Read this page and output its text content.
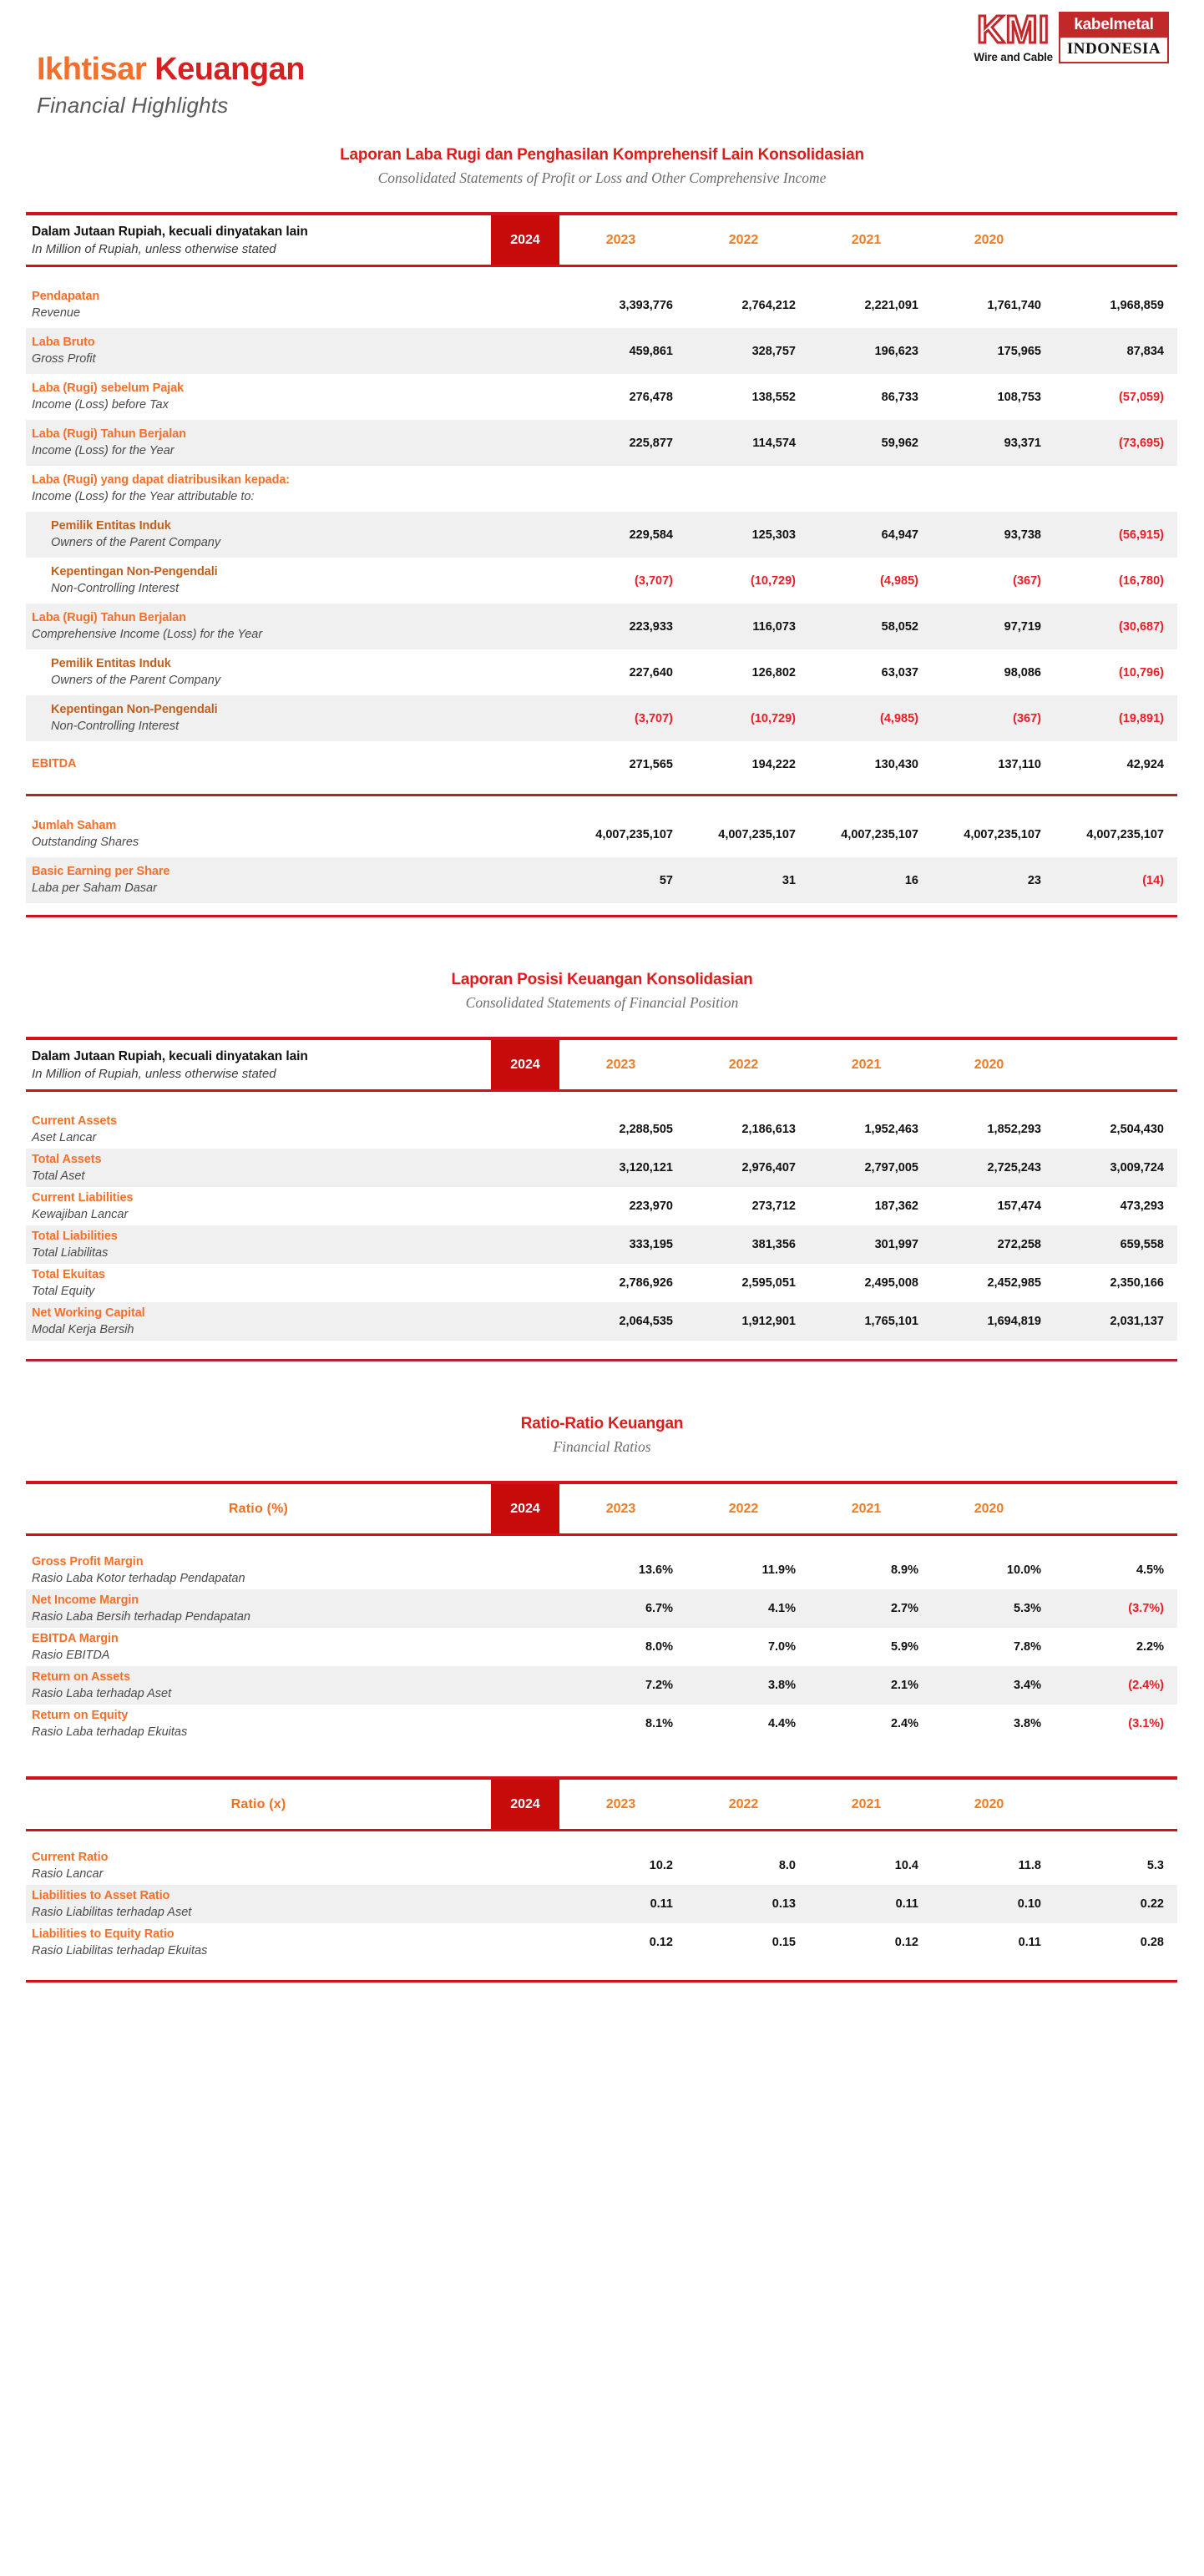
Ikhtisar Keuangan
Financial Highlights
KMI
Wire and Cable
kabelmetal
INDONESIA
Laporan Laba Rugi dan Penghasilan Komprehensif Lain Konsolidasian
Consolidated Statements of Profit or Loss and Other Comprehensive Income
Dalam Jutaan Rupiah, kecuali dinyatakan lain
In Million of Rupiah, unless otherwise stated
2024	2023	2022	2021	2020
Pendapatan
Revenue
3,393,776	2,764,212	2,221,091	1,761,740	1,968,859
Laba Bruto
Gross Profit
459,861	328,757	196,623	175,965	87,834
Laba (Rugi) sebelum Pajak
Income (Loss) before Tax
276,478	138,552	86,733	108,753	(57,059)
Laba (Rugi) Tahun Berjalan
Income (Loss) for the Year
225,877	114,574	59,962	93,371	(73,695)
Laba (Rugi) yang dapat diatribusikan kepada:
Income (Loss) for the Year attributable to:
Pemilik Entitas Induk
Owners of the Parent Company
229,584	125,303	64,947	93,738	(56,915)
Kepentingan Non-Pengendali
Non-Controlling Interest
(3,707)	(10,729)	(4,985)	(367)	(16,780)
Laba (Rugi) Tahun Berjalan
Comprehensive Income (Loss) for the Year
223,933	116,073	58,052	97,719	(30,687)
Pemilik Entitas Induk
Owners of the Parent Company
227,640	126,802	63,037	98,086	(10,796)
Kepentingan Non-Pengendali
Non-Controlling Interest
(3,707)	(10,729)	(4,985)	(367)	(19,891)
EBITDA	271,565	194,222	130,430	137,110	42,924
Jumlah Saham
Outstanding Shares
4,007,235,107	4,007,235,107	4,007,235,107	4,007,235,107	4,007,235,107
Basic Earning per Share
Laba per Saham Dasar
57	31	16	23	(14)
Laporan Posisi Keuangan Konsolidasian
Consolidated Statements of Financial Position
Dalam Jutaan Rupiah, kecuali dinyatakan lain
In Million of Rupiah, unless otherwise stated
2024	2023	2022	2021	2020
Current Assets
Aset Lancar
2,288,505	2,186,613	1,952,463	1,852,293	2,504,430
Total Assets
Total Aset
3,120,121	2,976,407	2,797,005	2,725,243	3,009,724
Current Liabilities
Kewajiban Lancar
223,970	273,712	187,362	157,474	473,293
Total Liabilities
Total Liabilitas
333,195	381,356	301,997	272,258	659,558
Total Ekuitas
Total Equity
2,786,926	2,595,051	2,495,008	2,452,985	2,350,166
Net Working Capital
Modal Kerja Bersih
2,064,535	1,912,901	1,765,101	1,694,819	2,031,137
Ratio-Ratio Keuangan
Financial Ratios
Ratio (%)	2024	2023	2022	2021	2020
Gross Profit Margin
Rasio Laba Kotor terhadap Pendapatan
13.6%	11.9%	8.9%	10.0%	4.5%
Net Income Margin
Rasio Laba Bersih terhadap Pendapatan
6.7%	4.1%	2.7%	5.3%	(3.7%)
EBITDA Margin
Rasio EBITDA
8.0%	7.0%	5.9%	7.8%	2.2%
Return on Assets
Rasio Laba terhadap Aset
7.2%	3.8%	2.1%	3.4%	(2.4%)
Return on Equity
Rasio Laba terhadap Ekuitas
8.1%	4.4%	2.4%	3.8%	(3.1%)
Ratio (x)	2024	2023	2022	2021	2020
Current Ratio
Rasio Lancar
10.2	8.0	10.4	11.8	5.3
Liabilities to Asset Ratio
Rasio Liabilitas terhadap Aset
0.11	0.13	0.11	0.10	0.22
Liabilities to Equity Ratio
Rasio Liabilitas terhadap Ekuitas
0.12	0.15	0.12	0.11	0.28
